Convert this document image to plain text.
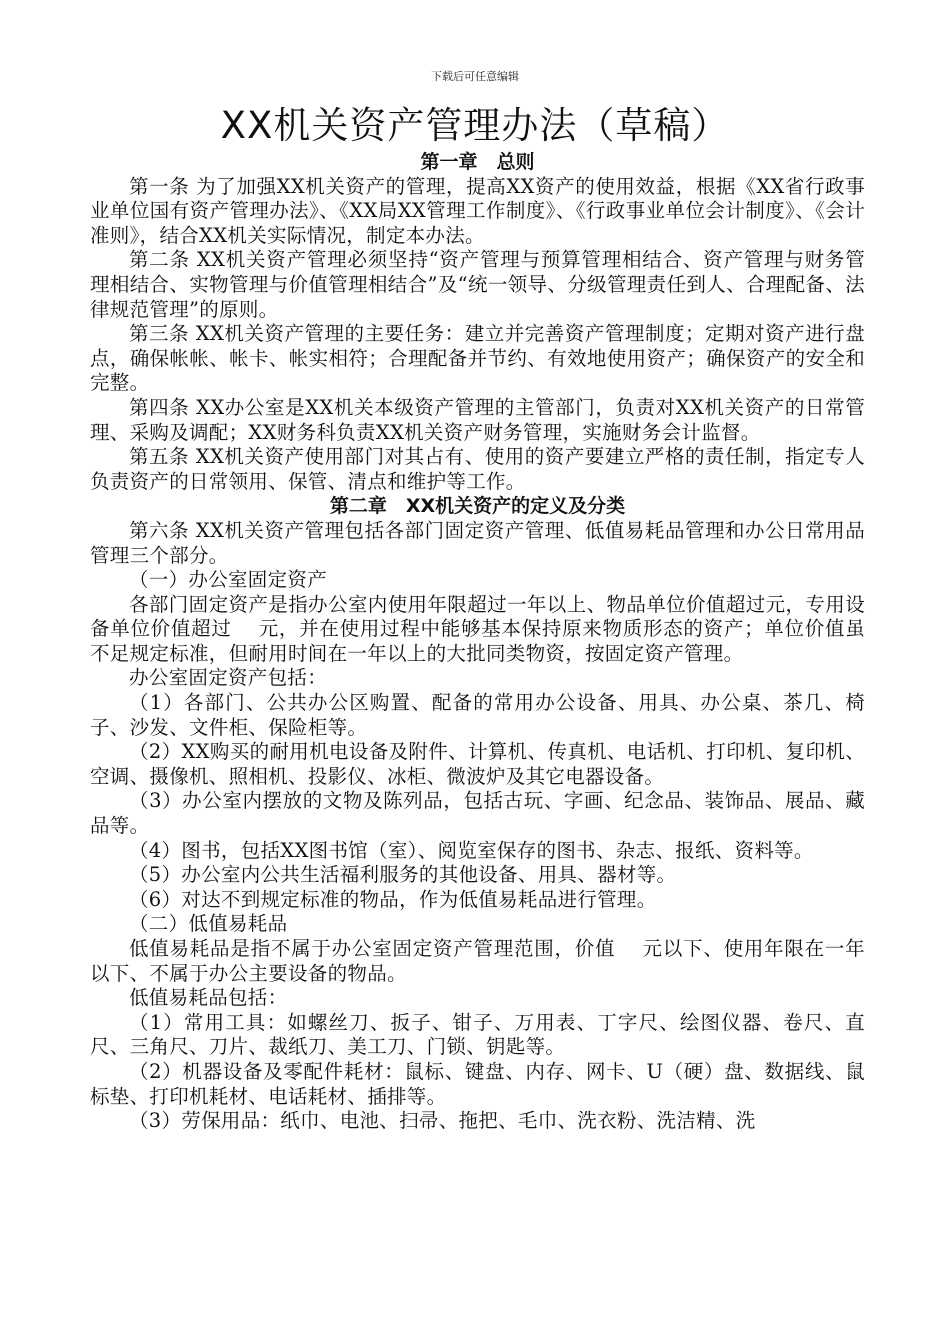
下载后可任意编辑
XX机关资产管理办法（草稿）

第一章　总则

第一条 为了加强XX机关资产的管理，提高XX资产的使用效益，根据《XX省行政事业单位国有资产管理办法》、《XX局XX管理工作制度》、《行政事业单位会计制度》、《会计准则》，结合XX机关实际情况，制定本办法。

第二条 XX机关资产管理必须坚持“资产管理与预算管理相结合、资产管理与财务管理相结合、实物管理与价值管理相结合”及“统一领导、分级管理责任到人、合理配备、法律规范管理”的原则。

第三条 XX机关资产管理的主要任务：建立并完善资产管理制度；定期对资产进行盘点，确保帐帐、帐卡、帐实相符；合理配备并节约、有效地使用资产；确保资产的安全和完整。

第四条 XX办公室是XX机关本级资产管理的主管部门，负责对XX机关资产的日常管理、采购及调配；XX财务科负责XX机关资产财务管理，实施财务会计监督。

第五条 XX机关资产使用部门对其占有、使用的资产要建立严格的责任制，指定专人负责资产的日常领用、保管、清点和维护等工作。

第二章　XX机关资产的定义及分类

第六条 XX机关资产管理包括各部门固定资产管理、低值易耗品管理和办公日常用品管理三个部分。

（一）办公室固定资产

各部门固定资产是指办公室内使用年限超过一年以上、物品单位价值超过元，专用设备单位价值超过　 元，并在使用过程中能够基本保持原来物质形态的资产；单位价值虽不足规定标准，但耐用时间在一年以上的大批同类物资，按固定资产管理。

办公室固定资产包括：

（1）各部门、公共办公区购置、配备的常用办公设备、用具、办公桌、茶几、椅子、沙发、文件柜、保险柜等。

（2）XX购买的耐用机电设备及附件、计算机、传真机、电话机、打印机、复印机、空调、摄像机、照相机、投影仪、冰柜、微波炉及其它电器设备。

（3）办公室内摆放的文物及陈列品，包括古玩、字画、纪念品、装饰品、展品、藏品等。

（4）图书，包括XX图书馆（室）、阅览室保存的图书、杂志、报纸、资料等。

（5）办公室内公共生活福利服务的其他设备、用具、器材等。

（6）对达不到规定标准的物品，作为低值易耗品进行管理。

（二）低值易耗品

低值易耗品是指不属于办公室固定资产管理范围，价值　 元以下、使用年限在一年以下、不属于办公主要设备的物品。

低值易耗品包括：

（1）常用工具：如螺丝刀、扳子、钳子、万用表、丁字尺、绘图仪器、卷尺、直尺、三角尺、刀片、裁纸刀、美工刀、门锁、钥匙等。

（2）机器设备及零配件耗材：鼠标、键盘、内存、网卡、U（硬）盘、数据线、鼠标垫、打印机耗材、电话耗材、插排等。

（3）劳保用品：纸巾、电池、扫帚、拖把、毛巾、洗衣粉、洗洁精、洗
